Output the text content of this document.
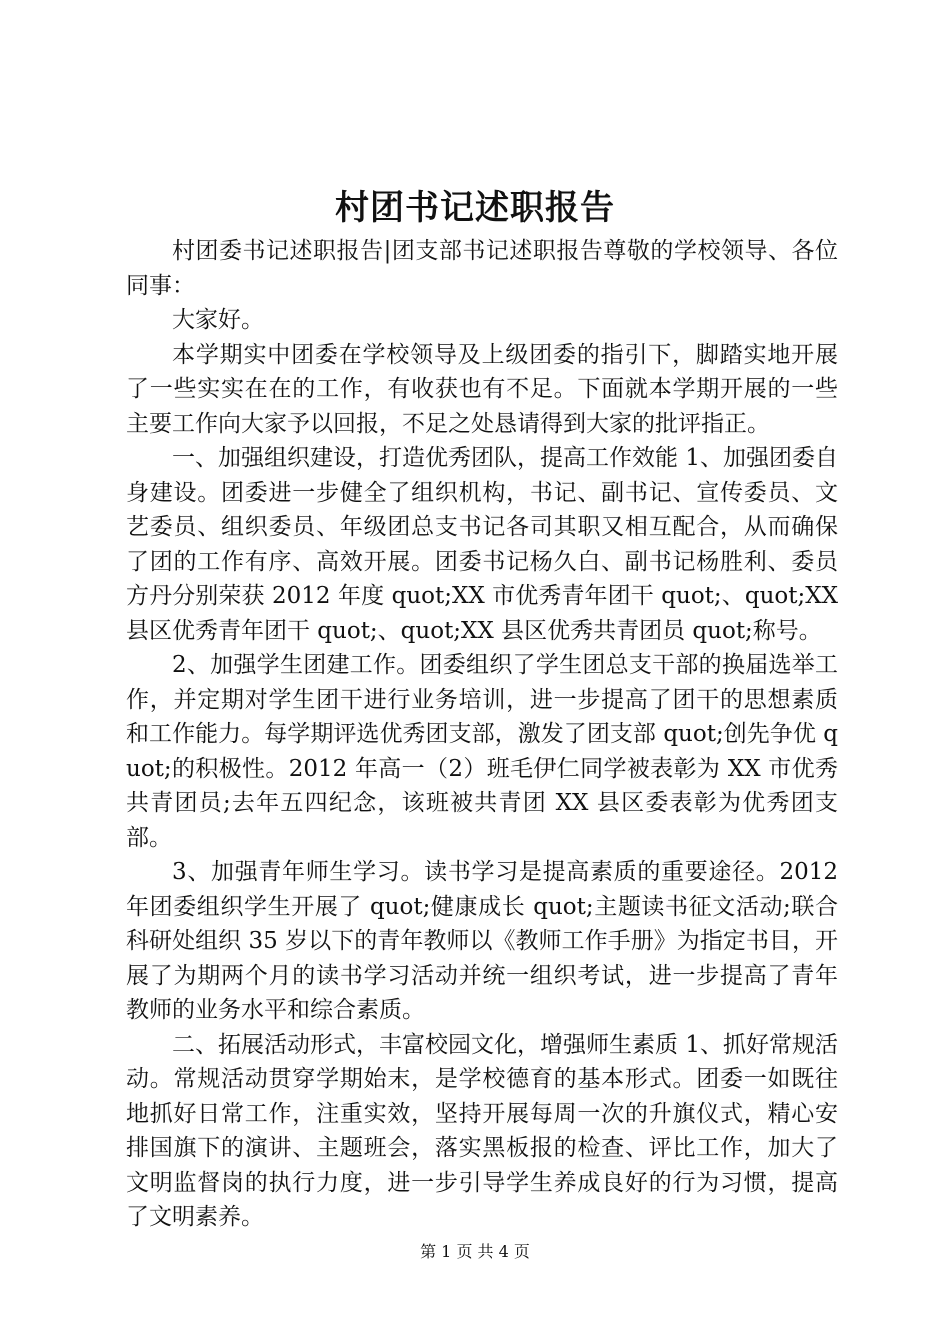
村团书记述职报告

村团委书记述职报告|团支部书记述职报告尊敬的学校领导、各位同事：

大家好。

本学期实中团委在学校领导及上级团委的指引下，脚踏实地开展了一些实实在在的工作，有收获也有不足。下面就本学期开展的一些主要工作向大家予以回报，不足之处恳请得到大家的批评指正。

一、加强组织建设，打造优秀团队，提高工作效能 1、加强团委自身建设。团委进一步健全了组织机构，书记、副书记、宣传委员、文艺委员、组织委员、年级团总支书记各司其职又相互配合，从而确保了团的工作有序、高效开展。团委书记杨久白、副书记杨胜利、委员方丹分别荣获 2012 年度 quot;XX 市优秀青年团干 quot;、quot;XX 县区优秀青年团干 quot;、quot;XX 县区优秀共青团员 quot;称号。

2、加强学生团建工作。团委组织了学生团总支干部的换届选举工作，并定期对学生团干进行业务培训，进一步提高了团干的思想素质和工作能力。每学期评选优秀团支部，激发了团支部 quot;创先争优 quot;的积极性。2012 年高一（2）班毛伊仁同学被表彰为 XX 市优秀共青团员;去年五四纪念，该班被共青团 XX 县区委表彰为优秀团支部。

3、加强青年师生学习。读书学习是提高素质的重要途径。2012 年团委组织学生开展了 quot;健康成长 quot;主题读书征文活动;联合科研处组织 35 岁以下的青年教师以《教师工作手册》为指定书目，开展了为期两个月的读书学习活动并统一组织考试，进一步提高了青年教师的业务水平和综合素质。

二、拓展活动形式，丰富校园文化，增强师生素质 1、抓好常规活动。常规活动贯穿学期始末，是学校德育的基本形式。团委一如既往地抓好日常工作，注重实效，坚持开展每周一次的升旗仪式，精心安排国旗下的演讲、主题班会，落实黑板报的检查、评比工作，加大了文明监督岗的执行力度，进一步引导学生养成良好的行为习惯，提高了文明素养。

第 1 页 共 4 页
